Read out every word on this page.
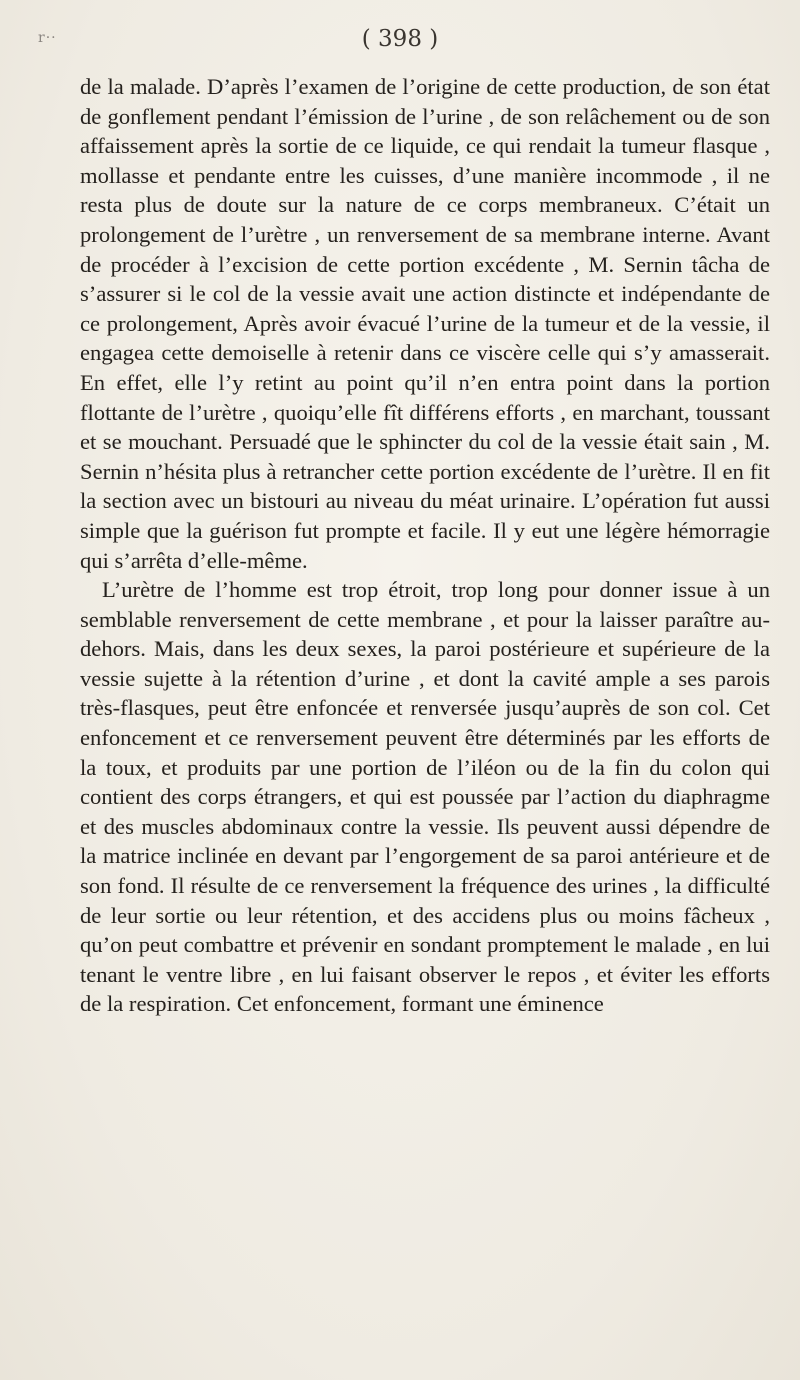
r··	( 398 )

de la malade. D’après l’examen de l’origine de cette production, de son état de gonflement pendant l’émission de l’urine , de son relâchement ou de son affaissement après la sortie de ce liquide, ce qui rendait la tumeur flasque , mollasse et pendante entre les cuisses, d’une manière incommode , il ne resta plus de doute sur la nature de ce corps membraneux. C’était un prolongement de l’urètre , un renversement de sa membrane interne. Avant de procéder à l’excision de cette portion excédente , M. Sernin tâcha de s’assurer si le col de la vessie avait une action distincte et indépendante de ce prolongement, Après avoir évacué l’urine de la tumeur et de la vessie, il engagea cette demoiselle à retenir dans ce viscère celle qui s’y amasserait. En effet, elle l’y retint au point qu’il n’en entra point dans la portion flottante de l’urètre , quoiqu’elle fît différens efforts , en marchant, toussant et se mouchant. Persuadé que le sphincter du col de la vessie était sain , M. Sernin n’hésita plus à retrancher cette portion excédente de l’urètre. Il en fit la section avec un bistouri au niveau du méat urinaire. L’opération fut aussi simple que la guérison fut prompte et facile. Il y eut une légère hémorragie qui s’arrêta d’elle-même.

L’urètre de l’homme est trop étroit, trop long pour donner issue à un semblable renversement de cette membrane , et pour la laisser paraître au-dehors. Mais, dans les deux sexes, la paroi postérieure et supérieure de la vessie sujette à la rétention d’urine , et dont la cavité ample a ses parois très-flasques, peut être enfoncée et renversée jusqu’auprès de son col. Cet enfoncement et ce renversement peuvent être déterminés par les efforts de la toux, et produits par une portion de l’iléon ou de la fin du colon qui contient des corps étrangers, et qui est poussée par l’action du diaphragme et des muscles abdominaux contre la vessie. Ils peuvent aussi dépendre de la matrice inclinée en devant par l’engorgement de sa paroi antérieure et de son fond. Il résulte de ce renversement la fréquence des urines , la difficulté de leur sortie ou leur rétention, et des accidens plus ou moins fâcheux , qu’on peut combattre et prévenir en sondant promptement le malade , en lui tenant le ventre libre , en lui faisant observer le repos , et éviter les efforts de la respiration. Cet enfoncement, formant une éminence
